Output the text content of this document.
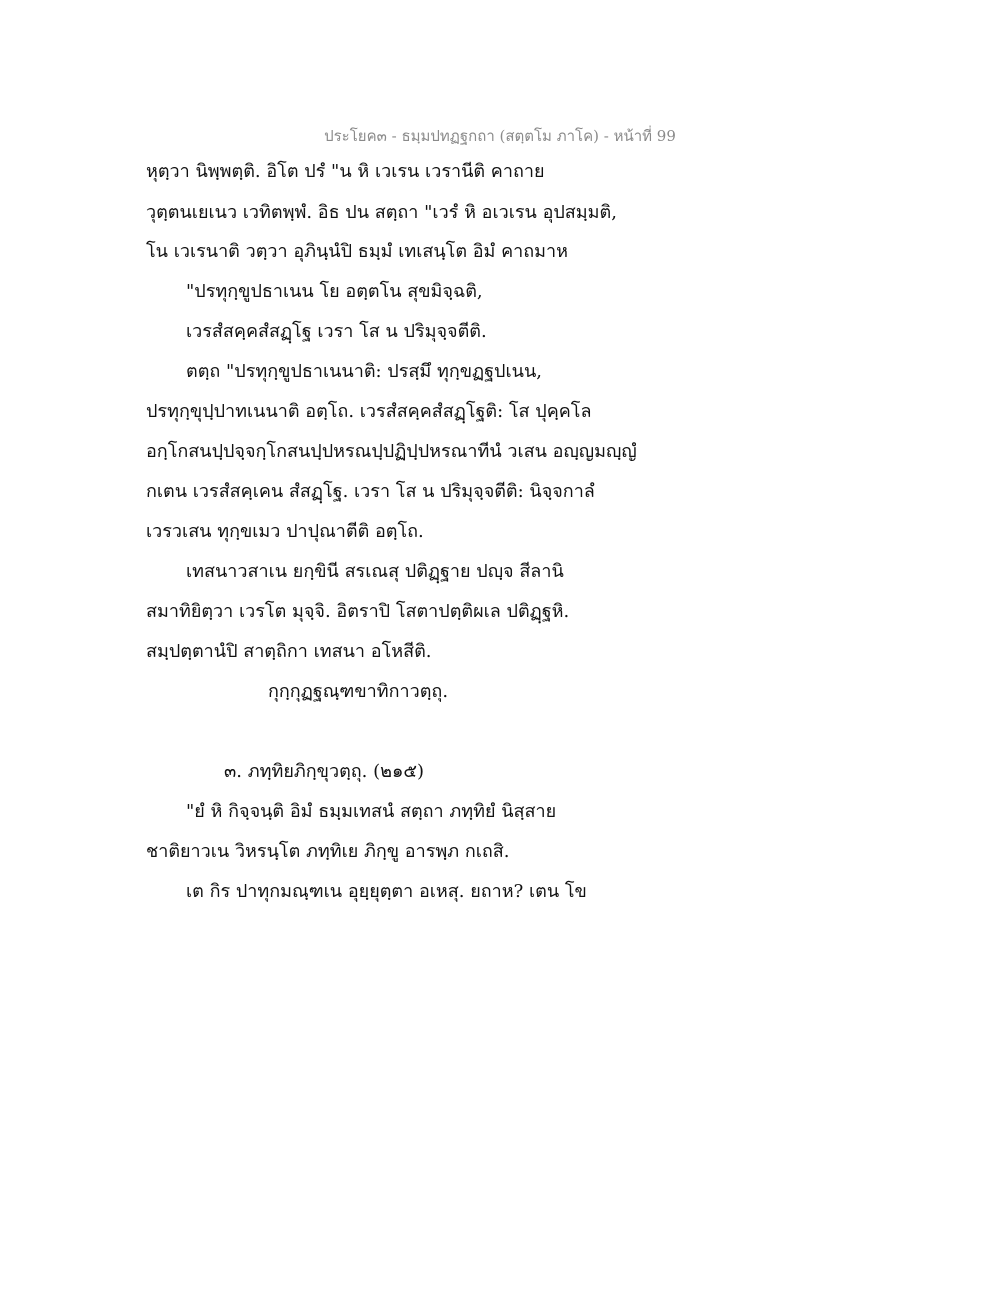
ประโยค๓ - ธมฺมปทฏฐกถา (สตฺตโม ภาโค) - หน้าที่ 99
หุตฺวา นิพฺพตฺติ. อิโต ปรํ "น หิ เวเรน เวรานีติ คาถาย
วุตฺตนเยเนว เวทิตพฺพํ. อิธ ปน สตฺถา "เวรํ หิ อเวเรน อุปสมฺมติ,
โน เวเรนาติ วตฺวา อุภินฺนํปิ ธมฺมํ เทเสนฺโต อิมํ คาถมาห
"ปรทุกฺขูปธาเนน โย อตฺตโน สุขมิจฺฉติ,
เวรสํสคฺคสํสฏฺโฐ เวรา โส น ปริมุจฺจตีติ.
ตตฺถ "ปรทุกฺขูปธาเนนาติ: ปรสฺมึ ทุกฺขฏฐปเนน,
ปรทุกฺขุปฺปาทเนนาติ อตฺโถ. เวรสํสคฺคสํสฏฺโฐติ: โส ปุคฺคโล
อกฺโกสนปฺปจฺจกฺโกสนปฺปหรณปฺปฏิปฺปหรณาทีนํ วเสน อญฺญมญฺญํ
กเตน เวรสํสคฺเคน สํสฏฺโฐ. เวรา โส น ปริมุจฺจตีติ: นิจฺจกาลํ
เวรวเสน ทุกฺขเมว ปาปุณาตีติ อตฺโถ.
เทสนาวสาเน ยกฺขินี สรเณสุ ปติฏฺฐาย ปญฺจ สีลานิ
สมาทิยิตฺวา เวรโต มุจฺจิ. อิตราปิ โสตาปตฺติผเล ปติฏฺฐหิ.
สมฺปตฺตานํปิ สาตฺถิกา เทสนา อโหสีติ.
กุกฺกุฏฐณฺฑขาทิกาวตฺถุ.
๓. ภทฺทิยภิกฺขุวตฺถุ. (๒๑๕)
"ยํ หิ กิจฺจนฺติ อิมํ ธมฺมเทสนํ สตฺถา ภทฺทิยํ นิสฺสาย
ชาติยาวเน วิหรนฺโต ภทฺทิเย ภิกฺขู อารพฺภ กเถสิ.
เต กิร ปาทุกมณฺฑเน อุยฺยุตฺตา อเหสุ. ยถาห? เตน โข
